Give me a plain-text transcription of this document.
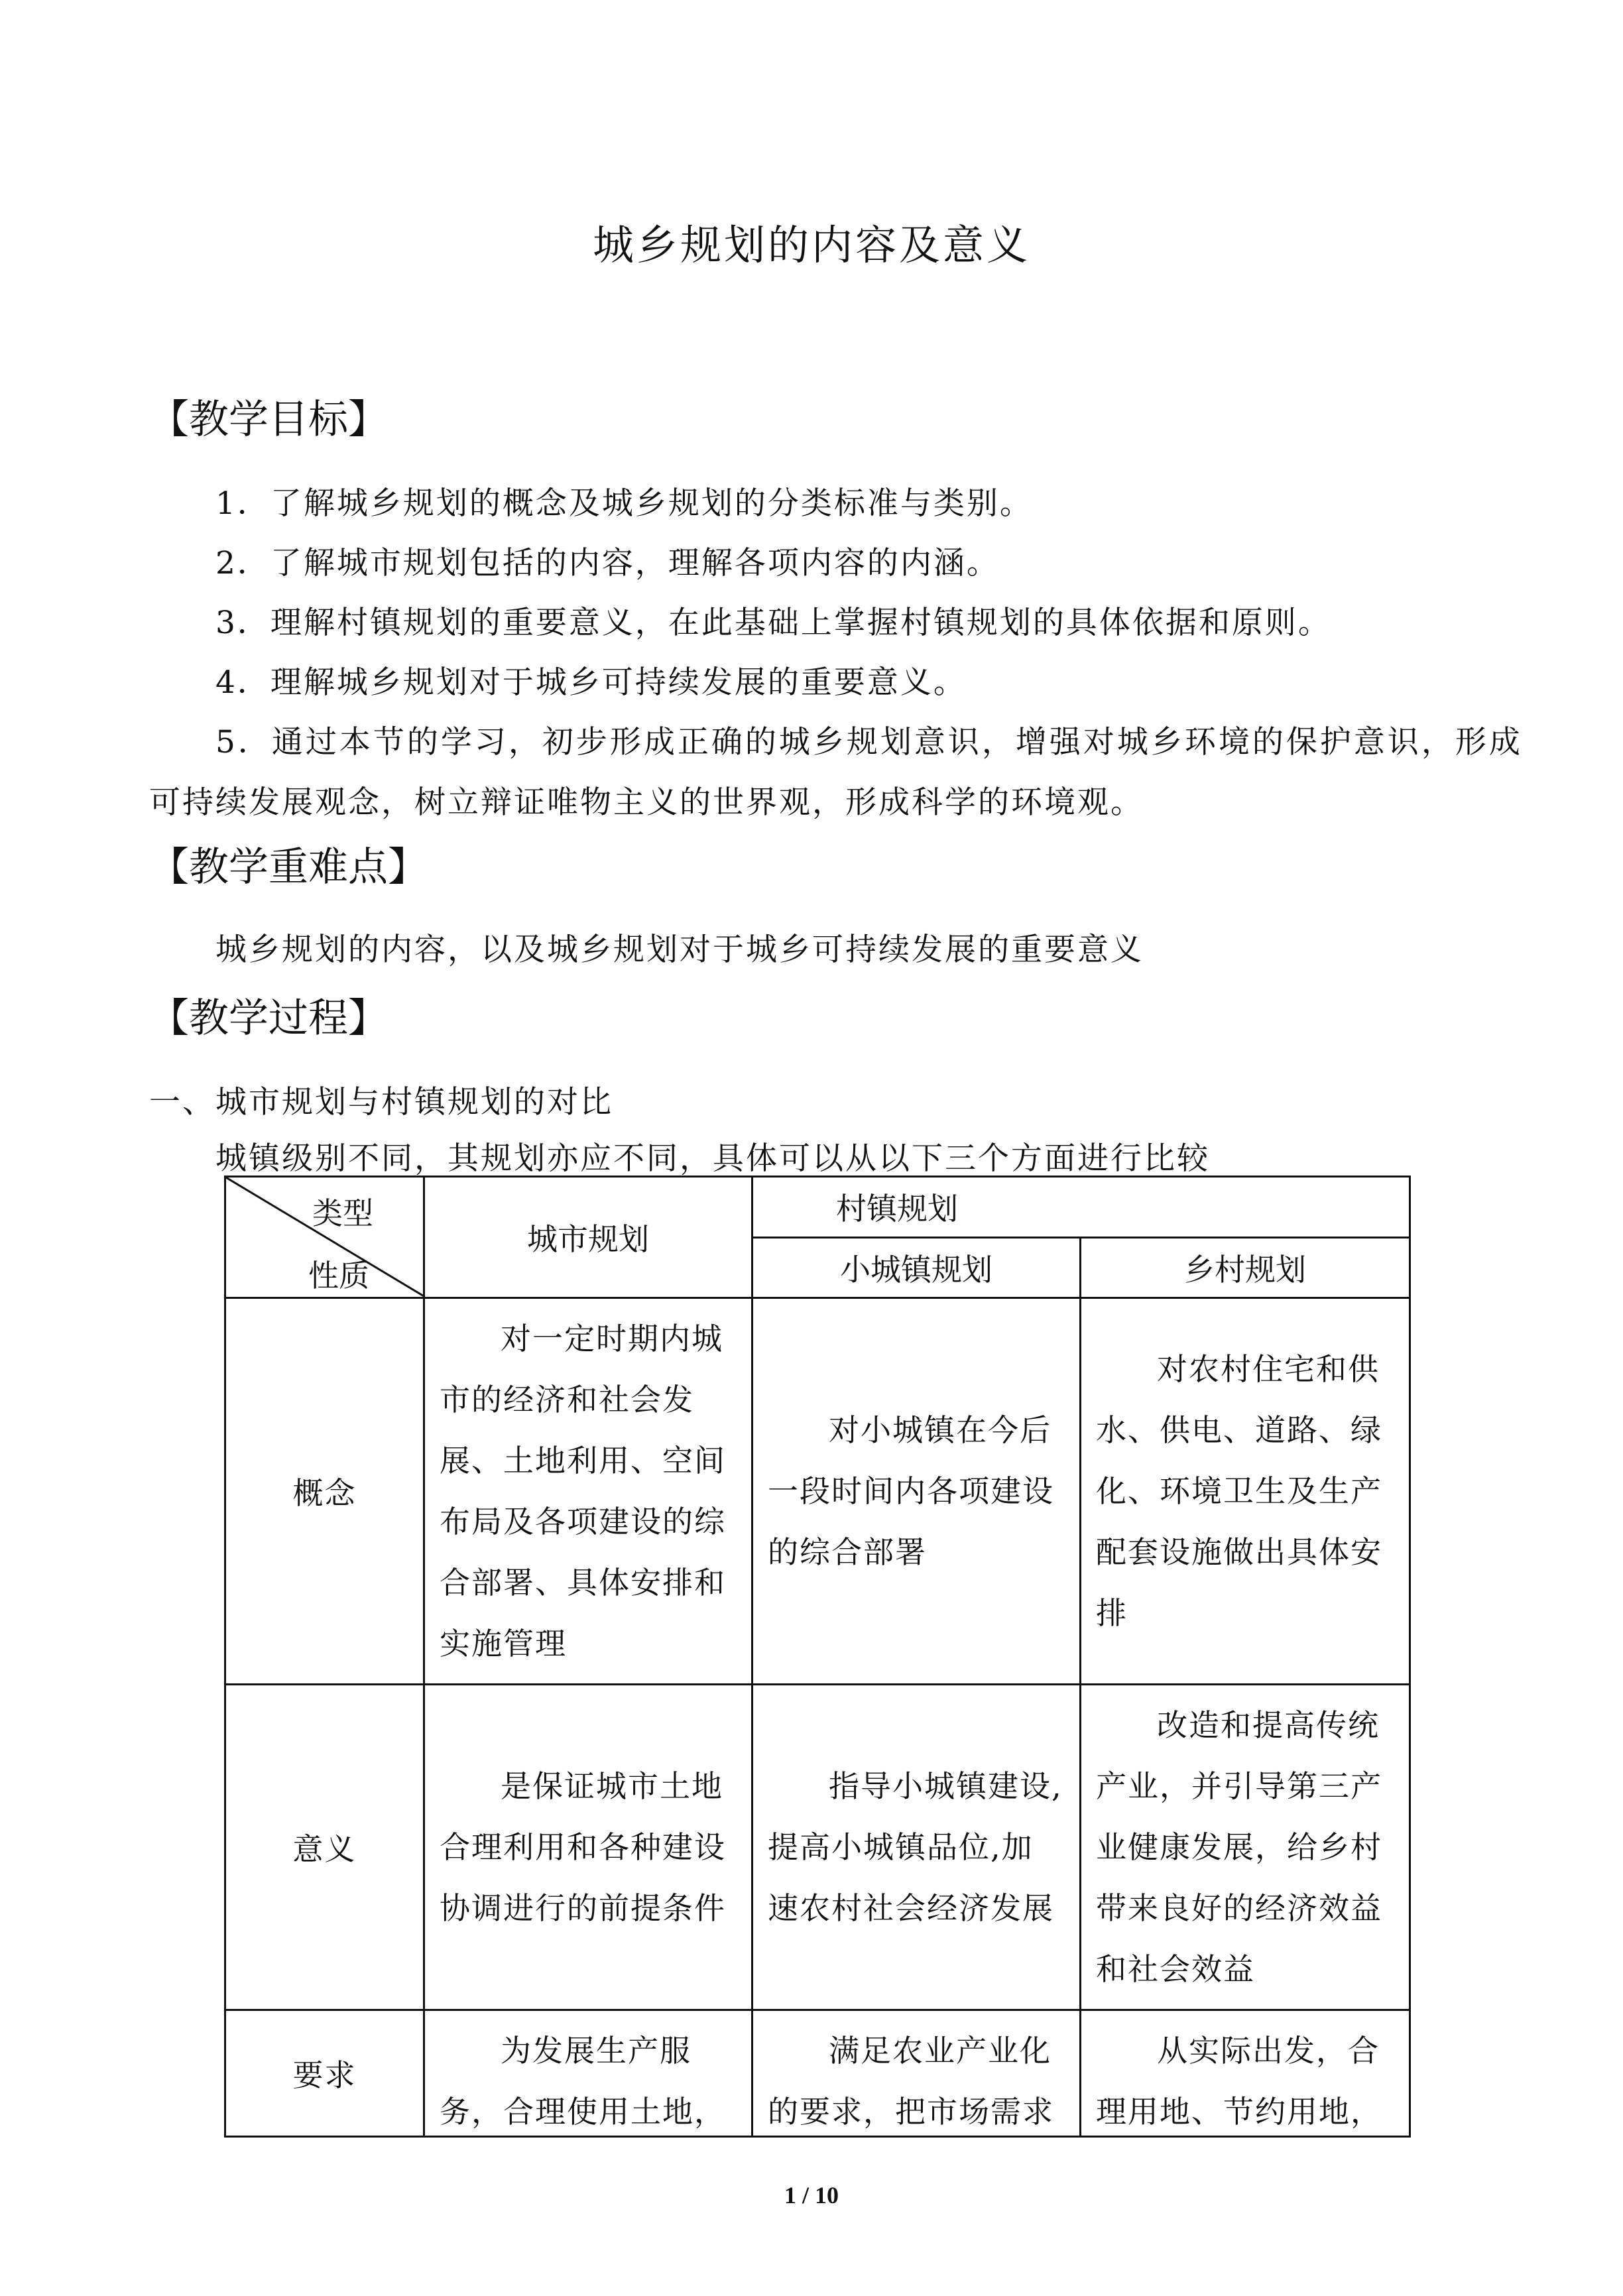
城乡规划的内容及意义
【教学目标】
1．了解城乡规划的概念及城乡规划的分类标准与类别。
2．了解城市规划包括的内容，理解各项内容的内涵。
3．理解村镇规划的重要意义，在此基础上掌握村镇规划的具体依据和原则。
4．理解城乡规划对于城乡可持续发展的重要意义。
5．通过本节的学习，初步形成正确的城乡规划意识，增强对城乡环境的保护意识，形成
可持续发展观念，树立辩证唯物主义的世界观，形成科学的环境观。
【教学重难点】
城乡规划的内容，以及城乡规划对于城乡可持续发展的重要意义
【教学过程】
一、城市规划与村镇规划的对比
城镇级别不同，其规划亦应不同，具体可以从以下三个方面进行比较
类型
性质	城市规划	村镇规划	
		小城镇规划	乡村规划
概念	对一定时期内城市的经济和社会发展、土地利用、空间布局及各项建设的综合部署、具体安排和实施管理	对小城镇在今后一段时间内各项建设的综合部署	对农村住宅和供水、供电、道路、绿化、环境卫生及生产配套设施做出具体安排

意义	是保证城市土地合理利用和各种建设协调进行的前提条件	指导小城镇建设,提高小城镇品位,加速农村社会经济发展	改造和提高传统产业，并引导第三产业健康发展，给乡村带来良好的经济效益和社会效益

要求	为发展生产服务，合理使用土地，	满足农业产业化的要求，把市场需求	从实际出发，合理用地、节约用地，
1 / 10
